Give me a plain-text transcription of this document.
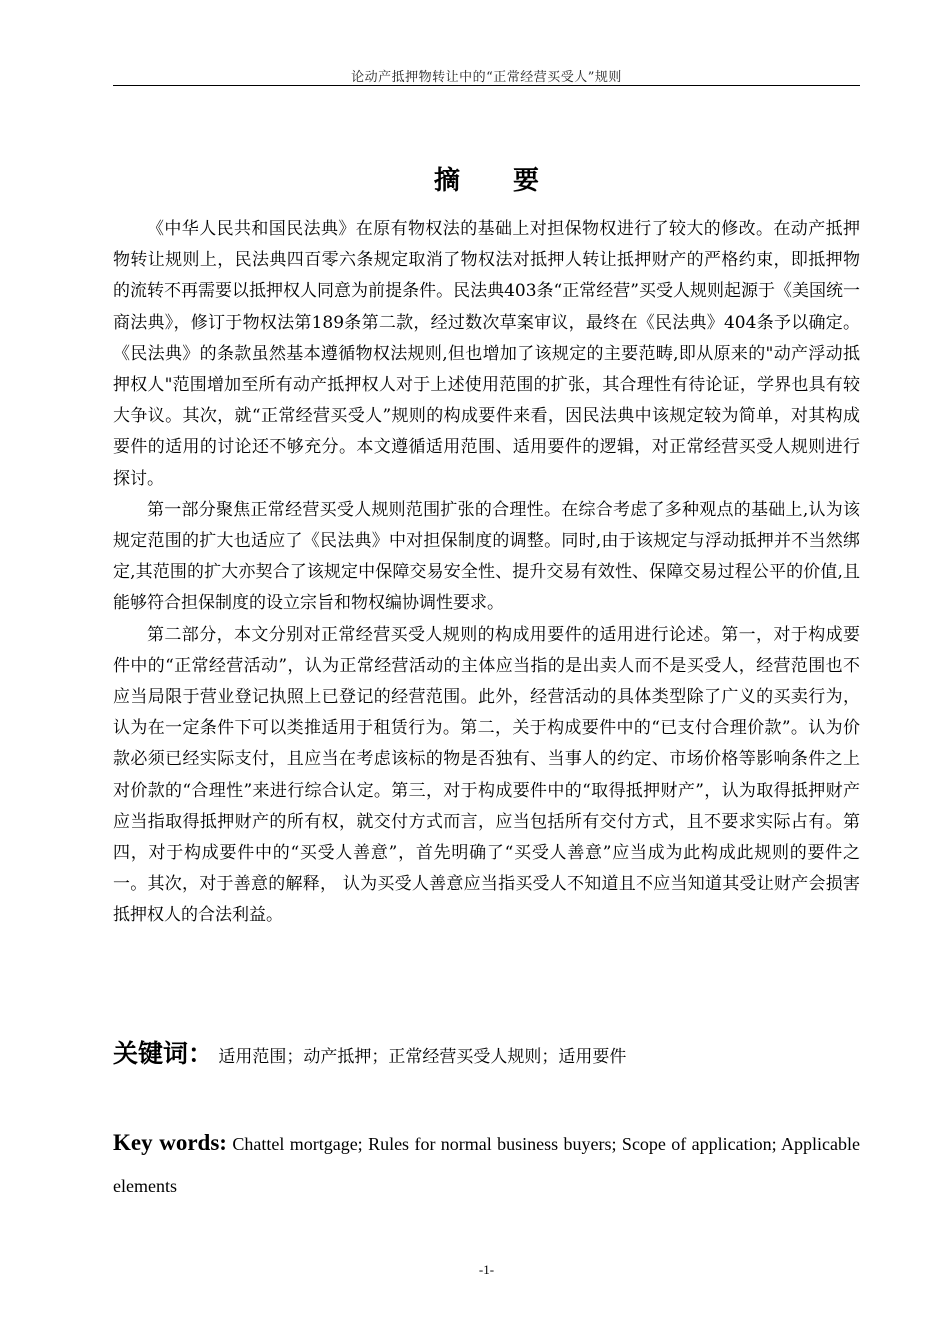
论动产抵押物转让中的“正常经营买受人”规则
摘 要

《中华人民共和国民法典》在原有物权法的基础上对担保物权进行了较大的修改。在动产抵押物转让规则上，民法典四百零六条规定取消了物权法对抵押人转让抵押财产的严格约束，即抵押物的流转不再需要以抵押权人同意为前提条件。民法典403条“正常经营”买受人规则起源于《美国统一商法典》，修订于物权法第189条第二款，经过数次草案审议，最终在《民法典》404条予以确定。《民法典》的条款虽然基本遵循物权法规则,但也增加了该规定的主要范畴,即从原来的"动产浮动抵押权人"范围增加至所有动产抵押权人对于上述使用范围的扩张，其合理性有待论证，学界也具有较大争议。其次，就“正常经营买受人”规则的构成要件来看，因民法典中该规定较为简单，对其构成要件的适用的讨论还不够充分。本文遵循适用范围、适用要件的逻辑，对正常经营买受人规则进行探讨。

第一部分聚焦正常经营买受人规则范围扩张的合理性。在综合考虑了多种观点的基础上,认为该规定范围的扩大也适应了《民法典》中对担保制度的调整。同时,由于该规定与浮动抵押并不当然绑定,其范围的扩大亦契合了该规定中保障交易安全性、提升交易有效性、保障交易过程公平的价值,且能够符合担保制度的设立宗旨和物权编协调性要求。

第二部分，本文分别对正常经营买受人规则的构成用要件的适用进行论述。第一，对于构成要件中的“正常经营活动”，认为正常经营活动的主体应当指的是出卖人而不是买受人，经营范围也不应当局限于营业登记执照上已登记的经营范围。此外，经营活动的具体类型除了广义的买卖行为，认为在一定条件下可以类推适用于租赁行为。第二，关于构成要件中的“已支付合理价款”。认为价款必须已经实际支付，且应当在考虑该标的物是否独有、当事人的约定、市场价格等影响条件之上对价款的“合理性”来进行综合认定。第三，对于构成要件中的“取得抵押财产”，认为取得抵押财产应当指取得抵押财产的所有权，就交付方式而言，应当包括所有交付方式，且不要求实际占有。第四，对于构成要件中的“买受人善意”，首先明确了“买受人善意”应当成为此构成此规则的要件之一。其次，对于善意的解释， 认为买受人善意应当指买受人不知道且不应当知道其受让财产会损害抵押权人的合法利益。

关键词： 适用范围；动产抵押；正常经营买受人规则；适用要件
Key words: Chattel mortgage; Rules for normal business buyers; Scope of application; Applicable elements
-1-
